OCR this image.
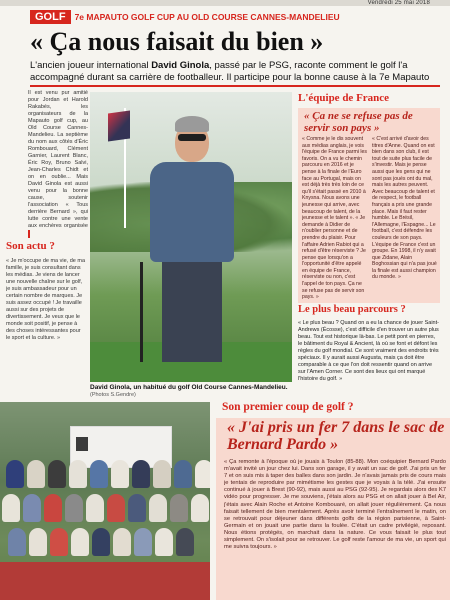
Vendredi 25 mai 2018
GOLF	7e MAPAUTO GOLF CUP AU OLD COURSE CANNES-MANDELIEU
« Ça nous faisait du bien »
L'ancien joueur international David Ginola, passé par le PSG, raconte comment le golf l'a accompagné durant sa carrière de footballeur. Il participe pour la bonne cause à la 7e Mapauto
Il est venu pur amitié pour Jordan et Harold Rakabés, les organisateurs de la Mapauto golf cup, au Old Course Cannes-Mandelieu. La septième du nom aux côtés d'Éric Rombouard, Clément Garnier, Laurent Blanc, Éric Roy, Bruno Salvi, Jean-Charles Chidt et on en oublie... Mais David Ginola est aussi venu pour la bonne cause, soutenir l'association « Tous derrière Bernard », qui lutte contre une vente aux enchères organisée
Son actu ?
« Je m'occupe de ma vie, de ma famille, je suis consultant dans les médias. Je viens de lancer une nouvelle chaîne sur le golf, je suis ambassadeur pour un certain nombre de marques. Je suis assez occupé ! Je travaille aussi sur des projets de divertissement. Je veux que le monde soit positif, je pense à des choses intéressantes pour le sport et la culture. »
David Ginola, un habitué du golf Old Course Cannes-Mandelieu. (Photos S.Gendre)
L'équipe de France
« Ça ne se refuse pas de servir son pays »
« Comme je le dis souvent aux médias anglais, je vois l'équipe de France parmi les favoris. On a vu le chemin parcouru en 2016 et je pense à la finale de l'Euro face au Portugal, mais on est déjà très très loin de ce qu'il s'était passé en 2010 à Knysna. Nous avons une jeunesse qui arrive, avec beaucoup de talent, de la jeunesse et le talent ». « Je demande à Didier de n'oublier personne et de prendre du plaisir. Pour l'affaire Adrien Rabiot qui a refusé d'être réserviste ? Je pense que lorsqu'on a l'opportunité d'être appelé en équipe de France, réserviste ou non, c'est l'appel de ton pays. Ça ne se refuse pas de servir son pays. »
« C'est arrivé d'avoir des titres d'Anne. Quand on est bien dans son club, il est tout de suite plus facile de s'investir. Mais je pense aussi que les gens qui ne sont pas joués ont du mal, mais les autres peuvent. Avec beaucoup de talent et de respect, le football français a pris une grande place. Mais il faut rester humble. Le Brésil, l'Allemagne, l'Espagne... Le football, c'est défendre les couleurs de son pays. L'équipe de France c'est un groupe. En 1998, il n'y avait que Zidane, Alain Boghossian qui n'a pas joué la finale est aussi champion du monde. »
Le plus beau parcours ?
« Le plus beau ? Quand on a eu la chance de jouer Saint-Andrews (Écosse), c'est difficile d'en trouver un autre plus beau. Tout est historique là-bas. Le petit pont en pierres, le bâtiment du Royal & Ancient, là où se font et défont les règles du golf mondial. Ce sont vraiment des endroits très spéciaux. Il y aurait aussi Augusta, mais ça doit être comparable à ce que l'on doit ressentir quand on arrive sur l'Amen Corner. Ce sont des lieux qui ont marqué l'histoire du golf. »
Son premier coup de golf ?
« J'ai pris un fer 7 dans le sac de Bernard Pardo »
« Ça remonte à l'époque où je jouais à Toulon (85-88). Mon coéquipier Bernard Pardo m'avait invité un jour chez lui. Dans son garage, il y avait un sac de golf. J'ai pris un fer 7 et on suis mis à taper des balles dans son jardin. Je n'avais jamais pris de cours mais je tentais de reproduire par mimétisme les gestes que je voyais à la télé. J'ai ensuite continué à jouer à Brest (90-92), mais aussi au PSG (92-95). Je regardais alors des K7 vidéo pour progresser. Je me souviens, j'étais alors au PSG et on allait jouer à Bel Air, j'étais avec Alain Roche et Antoine Kombouaré, on allait jouer régulièrement. Ça nous faisait tellement de bien mentalement. Après avoir terminé l'entraînement le matin, on se retrouvait pour déjeuner dans différents golfs de la région parisienne, à Saint-Germain et on jouait une partie dans la foulée. C'était un cadre privilégié, reposant. Nous étions protégés, on marchait dans la nature. Ce vous faisait le plus tout simplement. On s'isolait pour se retrouver. Le golf reste l'amour de ma vie, un sport qui me suivra toujours. »
